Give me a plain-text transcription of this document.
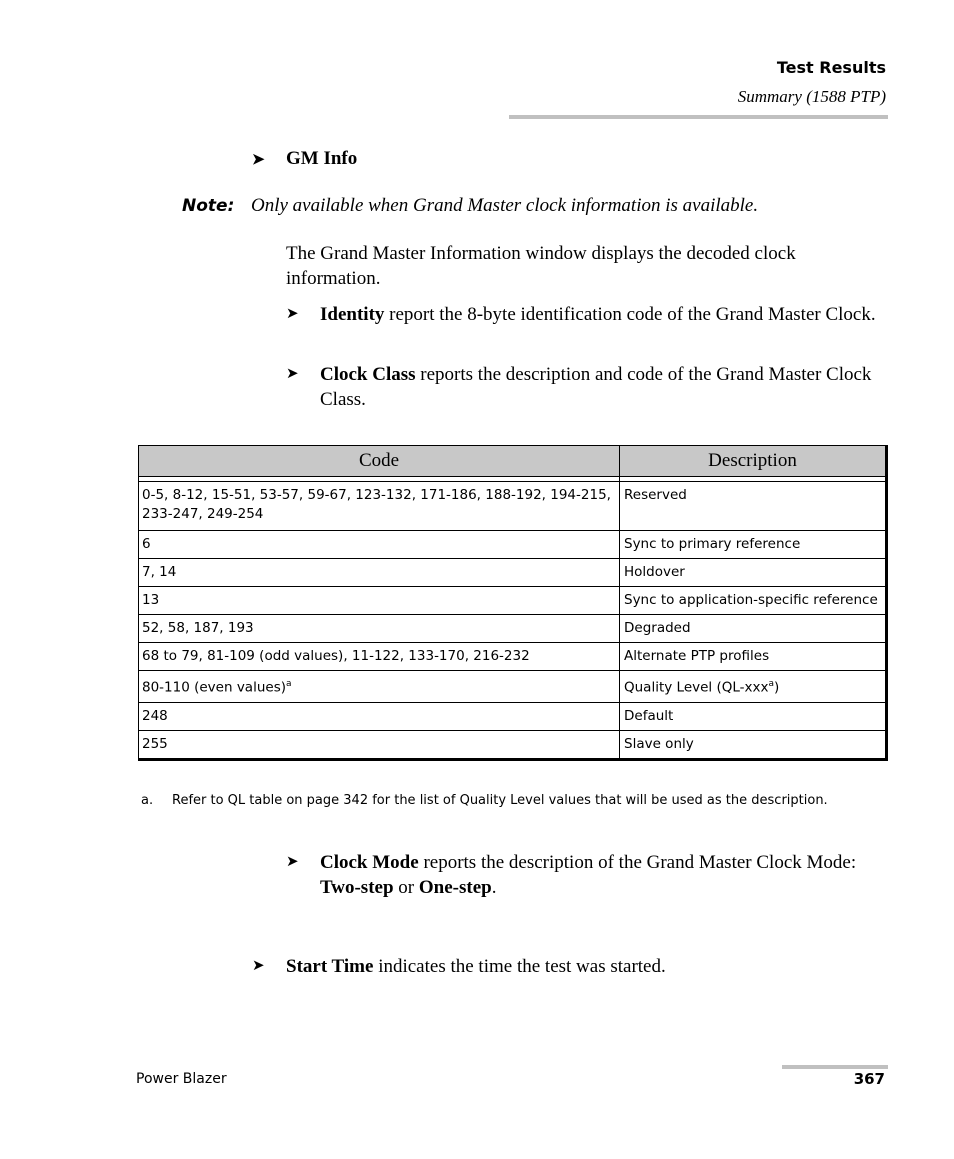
Test Results
Summary (1588 PTP)
➤ GM Info
Note: Only available when Grand Master clock information is available.
The Grand Master Information window displays the decoded clock information.
➤	Identity report the 8-byte identification code of the Grand Master Clock.
➤	Clock Class reports the description and code of the Grand Master Clock Class.
Code	Description

0-5, 8-12, 15-51, 53-57, 59-67, 123-132, 171-186, 188-192, 194-215, 233-247, 249-254	Reserved
6	Sync to primary reference
7, 14	Holdover
13	Sync to application-specific reference
52, 58, 187, 193	Degraded
68 to 79, 81-109 (odd values), 11-122, 133-170, 216-232	Alternate PTP profiles
80-110 (even values)$^a$	Quality Level (QL-xxx$^a$)
248	Default
255	Slave only
a.	Refer to QL table on page 342 for the list of Quality Level values that will be used as the description.
➤	Clock Mode reports the description of the Grand Master Clock Mode: Two-step or One-step.
➤	Start Time indicates the time the test was started.
Power Blazer	367
